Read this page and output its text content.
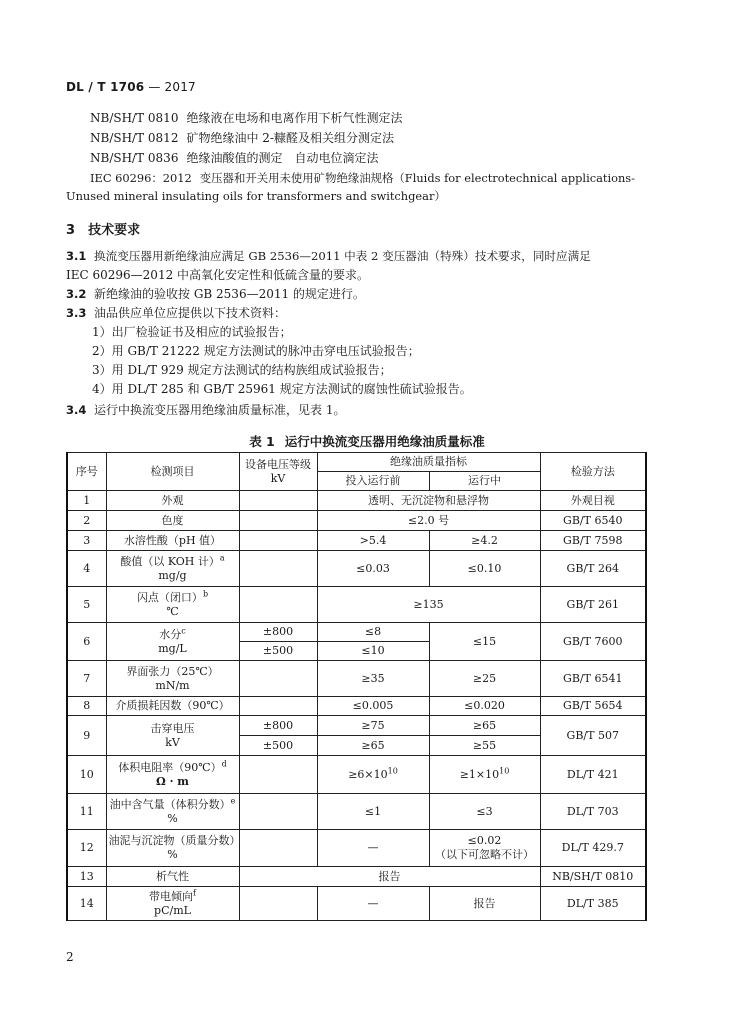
DL / T 1706 — 2017
NB/SH/T 0810 绝缘液在电场和电离作用下析气性测定法
NB/SH/T 0812 矿物绝缘油中 2-糠醛及相关组分测定法
NB/SH/T 0836 绝缘油酸值的测定　自动电位滴定法
IEC 60296：2012 变压器和开关用未使用矿物绝缘油规格（Fluids for electrotechnical applications-
Unused mineral insulating oils for transformers and switchgear）
3　 技术要求
3.1 换流变压器用新绝缘油应满足 GB 2536—2011 中表 2 变压器油（特殊）技术要求，同时应满足
IEC 60296—2012 中高氧化安定性和低硫含量的要求。
3.2 新绝缘油的验收按 GB 2536—2011 的规定进行。
3.3 油品供应单位应提供以下技术资料：
1）出厂检验证书及相应的试验报告；
2）用 GB/T 21222 规定方法测试的脉冲击穿电压试验报告；
3）用 DL/T 929 规定方法测试的结构族组成试验报告；
4）用 DL/T 285 和 GB/T 25961 规定方法测试的腐蚀性硫试验报告。
3.4 运行中换流变压器用绝缘油质量标准，见表 1。
表 1 运行中换流变压器用绝缘油质量标准
序号	检测项目	设备电压等级
kV	绝缘油质量指标		检验方法
			投入运行前	运行中	
1	外观		透明、无沉淀物和悬浮物		外观目视
2	色度		≤2.0 号		GB/T 6540
3	水溶性酸（pH 值）		>5.4	≥4.2	GB/T 7598
4	酸值（以 KOH 计）$^a$
mg/g		≤0.03	≤0.10	GB/T 264
5	闪点（闭口）$^b$
℃		≥135		GB/T 261
6	水分$^c$
mg/L	±800	≤8	≤15	GB/T 7600
		±500	≤10		
7	界面张力（25℃）
mN/m		≥35	≥25	GB/T 6541
8	介质损耗因数（90℃）		≤0.005	≤0.020	GB/T 5654
9	击穿电压
kV	±800	≥75	≥65	GB/T 507
		±500	≥65	≥55	
10	体积电阻率（90℃）$^d$
Ω · m		$\ge 6\times 10^{10}$	$\ge 1\times 10^{10}$	DL/T 421
11	油中含气量（体积分数）$^e$
%		≤1	≤3	DL/T 703
12	油泥与沉淀物（质量分数）
%		—	≤0.02
（以下可忽略不计）	DL/T 429.7
13	析气性	报告			NB/SH/T 0810
14	带电倾向$^f$
pC/mL		—	报告	DL/T 385
2
